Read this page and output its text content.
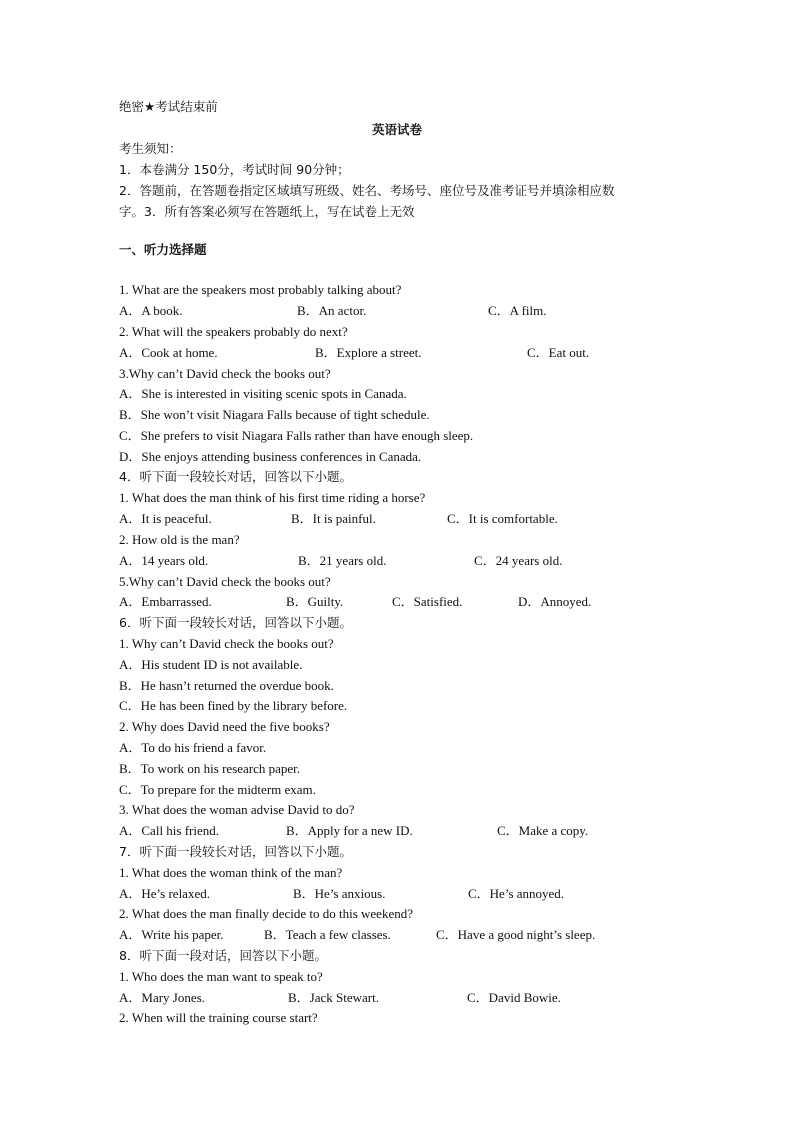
绝密★考试结束前
英语试卷
考生须知：
1．本卷满分 150分，考试时间 90分钟；
2．答题前，在答题卷指定区域填写班级、姓名、考场号、座位号及准考证号并填涂相应数
字。3．所有答案必须写在答题纸上，写在试卷上无效
一、听力选择题
1. What are the speakers most probably talking about?
A．A book.	B．An actor.	C．A film.
2. What will the speakers probably do next?
A．Cook at home.	B．Explore a street.	C．Eat out.
3.Why can’t David check the books out?
A．She is interested in visiting scenic spots in Canada.
B．She won’t visit Niagara Falls because of tight schedule.
C．She prefers to visit Niagara Falls rather than have enough sleep.
D．She enjoys attending business conferences in Canada.
4．听下面一段较长对话，回答以下小题。
1. What does the man think of his first time riding a horse?
A．It is peaceful.	B．It is painful.	C．It is comfortable.
2. How old is the man?
A．14 years old.	B．21 years old.	C．24 years old.
5.Why can’t David check the books out?
A．Embarrassed.	B．Guilty.	C．Satisfied.	D．Annoyed.
6．听下面一段较长对话，回答以下小题。
1. Why can’t David check the books out?
A．His student ID is not available.
B．He hasn’t returned the overdue book.
C．He has been fined by the library before.
2. Why does David need the five books?
A．To do his friend a favor.
B．To work on his research paper.
C．To prepare for the midterm exam.
3. What does the woman advise David to do?
A．Call his friend.	B．Apply for a new ID.	C．Make a copy.
7．听下面一段较长对话，回答以下小题。
1. What does the woman think of the man?
A．He’s relaxed.	B．He’s anxious.	C．He’s annoyed.
2. What does the man finally decide to do this weekend?
A．Write his paper.	B．Teach a few classes.	C．Have a good night’s sleep.
8．听下面一段对话，回答以下小题。
1. Who does the man want to speak to?
A．Mary Jones.	B．Jack Stewart.	C．David Bowie.
2. When will the training course start?
